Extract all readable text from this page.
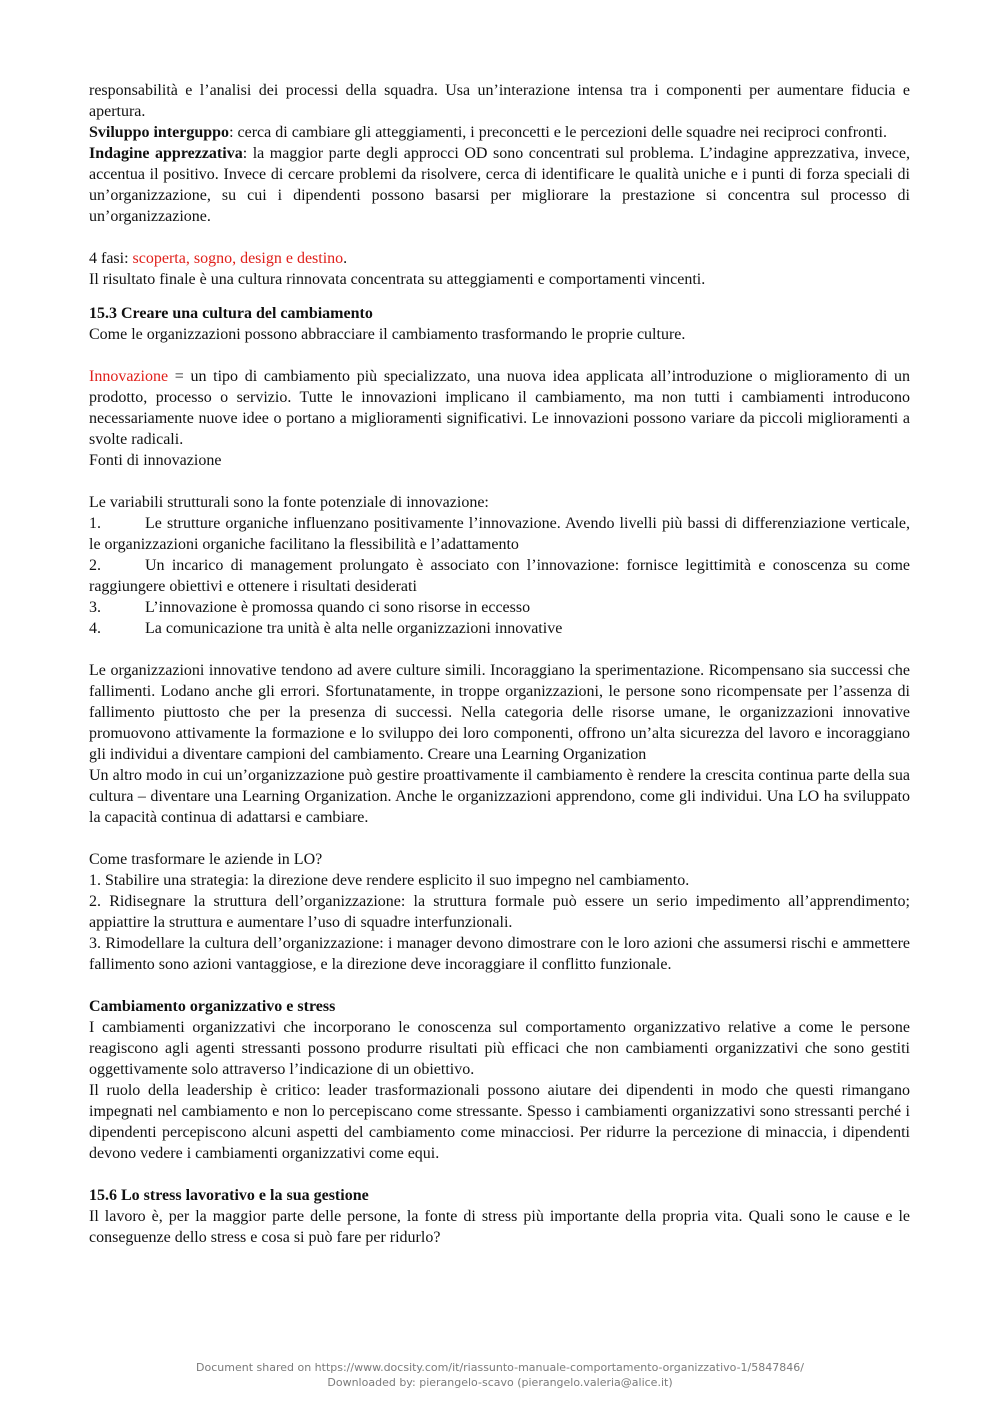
responsabilità e l’analisi dei processi della squadra. Usa un’interazione intensa tra i componenti per aumentare fiducia e apertura.

Sviluppo interguppo: cerca di cambiare gli atteggiamenti, i preconcetti e le percezioni delle squadre nei reciproci confronti.

Indagine apprezzativa: la maggior parte degli approcci OD sono concentrati sul problema. L’indagine apprezzativa, invece, accentua il positivo. Invece di cercare problemi da risolvere, cerca di identificare le qualità uniche e i punti di forza speciali di un’organizzazione, su cui i dipendenti possono basarsi per migliorare la prestazione si concentra sul processo di un’organizzazione.

4 fasi: scoperta, sogno, design e destino.

Il risultato finale è una cultura rinnovata concentrata su atteggiamenti e comportamenti vincenti.

15.3 Creare una cultura del cambiamento

Come le organizzazioni possono abbracciare il cambiamento trasformando le proprie culture.

Innovazione = un tipo di cambiamento più specializzato, una nuova idea applicata all’introduzione o miglioramento di un prodotto, processo o servizio. Tutte le innovazioni implicano il cambiamento, ma non tutti i cambiamenti introducono necessariamente nuove idee o portano a miglioramenti significativi. Le innovazioni possono variare da piccoli miglioramenti a svolte radicali.

Fonti di innovazione

Le variabili strutturali sono la fonte potenziale di innovazione:

1.	Le strutture organiche influenzano positivamente l’innovazione. Avendo livelli più bassi di differenziazione verticale, le organizzazioni organiche facilitano la flessibilità e l’adattamento

2.	Un incarico di management prolungato è associato con l’innovazione: fornisce legittimità e conoscenza su come raggiungere obiettivi e ottenere i risultati desiderati

3.	L’innovazione è promossa quando ci sono risorse in eccesso

4.	La comunicazione tra unità è alta nelle organizzazioni innovative

Le organizzazioni innovative tendono ad avere culture simili. Incoraggiano la sperimentazione. Ricompensano sia successi che fallimenti. Lodano anche gli errori. Sfortunatamente, in troppe organizzazioni, le persone sono ricompensate per l’assenza di fallimento piuttosto che per la presenza di successi. Nella categoria delle risorse umane, le organizzazioni innovative promuovono attivamente la formazione e lo sviluppo dei loro componenti, offrono un’alta sicurezza del lavoro e incoraggiano gli individui a diventare campioni del cambiamento. Creare una Learning Organization

Un altro modo in cui un’organizzazione può gestire proattivamente il cambiamento è rendere la crescita continua parte della sua cultura – diventare una Learning Organization. Anche le organizzazioni apprendono, come gli individui. Una LO ha sviluppato la capacità continua di adattarsi e cambiare.

Come trasformare le aziende in LO?

1. Stabilire una strategia: la direzione deve rendere esplicito il suo impegno nel cambiamento.

2. Ridisegnare la struttura dell’organizzazione: la struttura formale può essere un serio impedimento all’apprendimento; appiattire la struttura e aumentare l’uso di squadre interfunzionali.

3. Rimodellare la cultura dell’organizzazione: i manager devono dimostrare con le loro azioni che assumersi rischi e ammettere fallimento sono azioni vantaggiose, e la direzione deve incoraggiare il conflitto funzionale.

Cambiamento organizzativo e stress

I cambiamenti organizzativi che incorporano le conoscenza sul comportamento organizzativo relative a come le persone reagiscono agli agenti stressanti possono produrre risultati più efficaci che non cambiamenti organizzativi che sono gestiti oggettivamente solo attraverso l’indicazione di un obiettivo.

Il ruolo della leadership è critico: leader trasformazionali possono aiutare dei dipendenti in modo che questi rimangano impegnati nel cambiamento e non lo percepiscano come stressante. Spesso i cambiamenti organizzativi sono stressanti perché i dipendenti percepiscono alcuni aspetti del cambiamento come minacciosi. Per ridurre la percezione di minaccia, i dipendenti devono vedere i cambiamenti organizzativi come equi.

15.6 Lo stress lavorativo e la sua gestione

Il lavoro è, per la maggior parte delle persone, la fonte di stress più importante della propria vita. Quali sono le cause e le conseguenze dello stress e cosa si può fare per ridurlo?

Document shared on https://www.docsity.com/it/riassunto-manuale-comportamento-organizzativo-1/5847846/
Downloaded by: pierangelo-scavo (pierangelo.valeria@alice.it)
